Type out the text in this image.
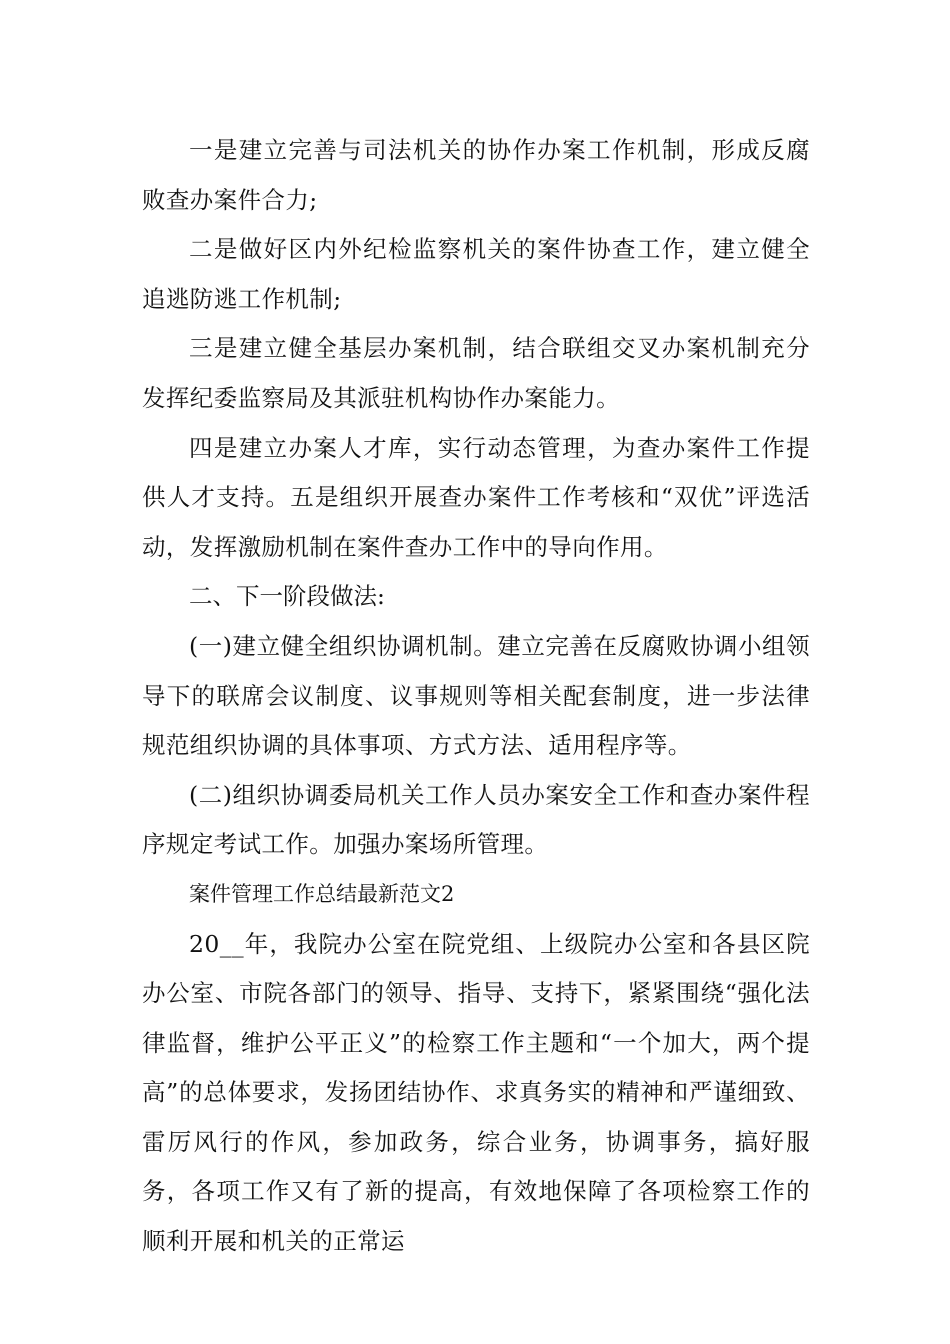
一是建立完善与司法机关的协作办案工作机制，形成反腐败查办案件合力;

二是做好区内外纪检监察机关的案件协查工作，建立健全追逃防逃工作机制;

三是建立健全基层办案机制，结合联组交叉办案机制充分发挥纪委监察局及其派驻机构协作办案能力。

四是建立办案人才库，实行动态管理，为查办案件工作提供人才支持。五是组织开展查办案件工作考核和“双优”评选活动，发挥激励机制在案件查办工作中的导向作用。

二、下一阶段做法:

(一)建立健全组织协调机制。建立完善在反腐败协调小组领导下的联席会议制度、议事规则等相关配套制度，进一步法律规范组织协调的具体事项、方式方法、适用程序等。

(二)组织协调委局机关工作人员办案安全工作和查办案件程序规定考试工作。加强办案场所管理。

案件管理工作总结最新范文2

20__年，我院办公室在院党组、上级院办公室和各县区院办公室、市院各部门的领导、指导、支持下，紧紧围绕“强化法律监督，维护公平正义”的检察工作主题和“一个加大，两个提高”的总体要求，发扬团结协作、求真务实的精神和严谨细致、雷厉风行的作风，参加政务，综合业务，协调事务，搞好服务，各项工作又有了新的提高，有效地保障了各项检察工作的顺利开展和机关的正常运
